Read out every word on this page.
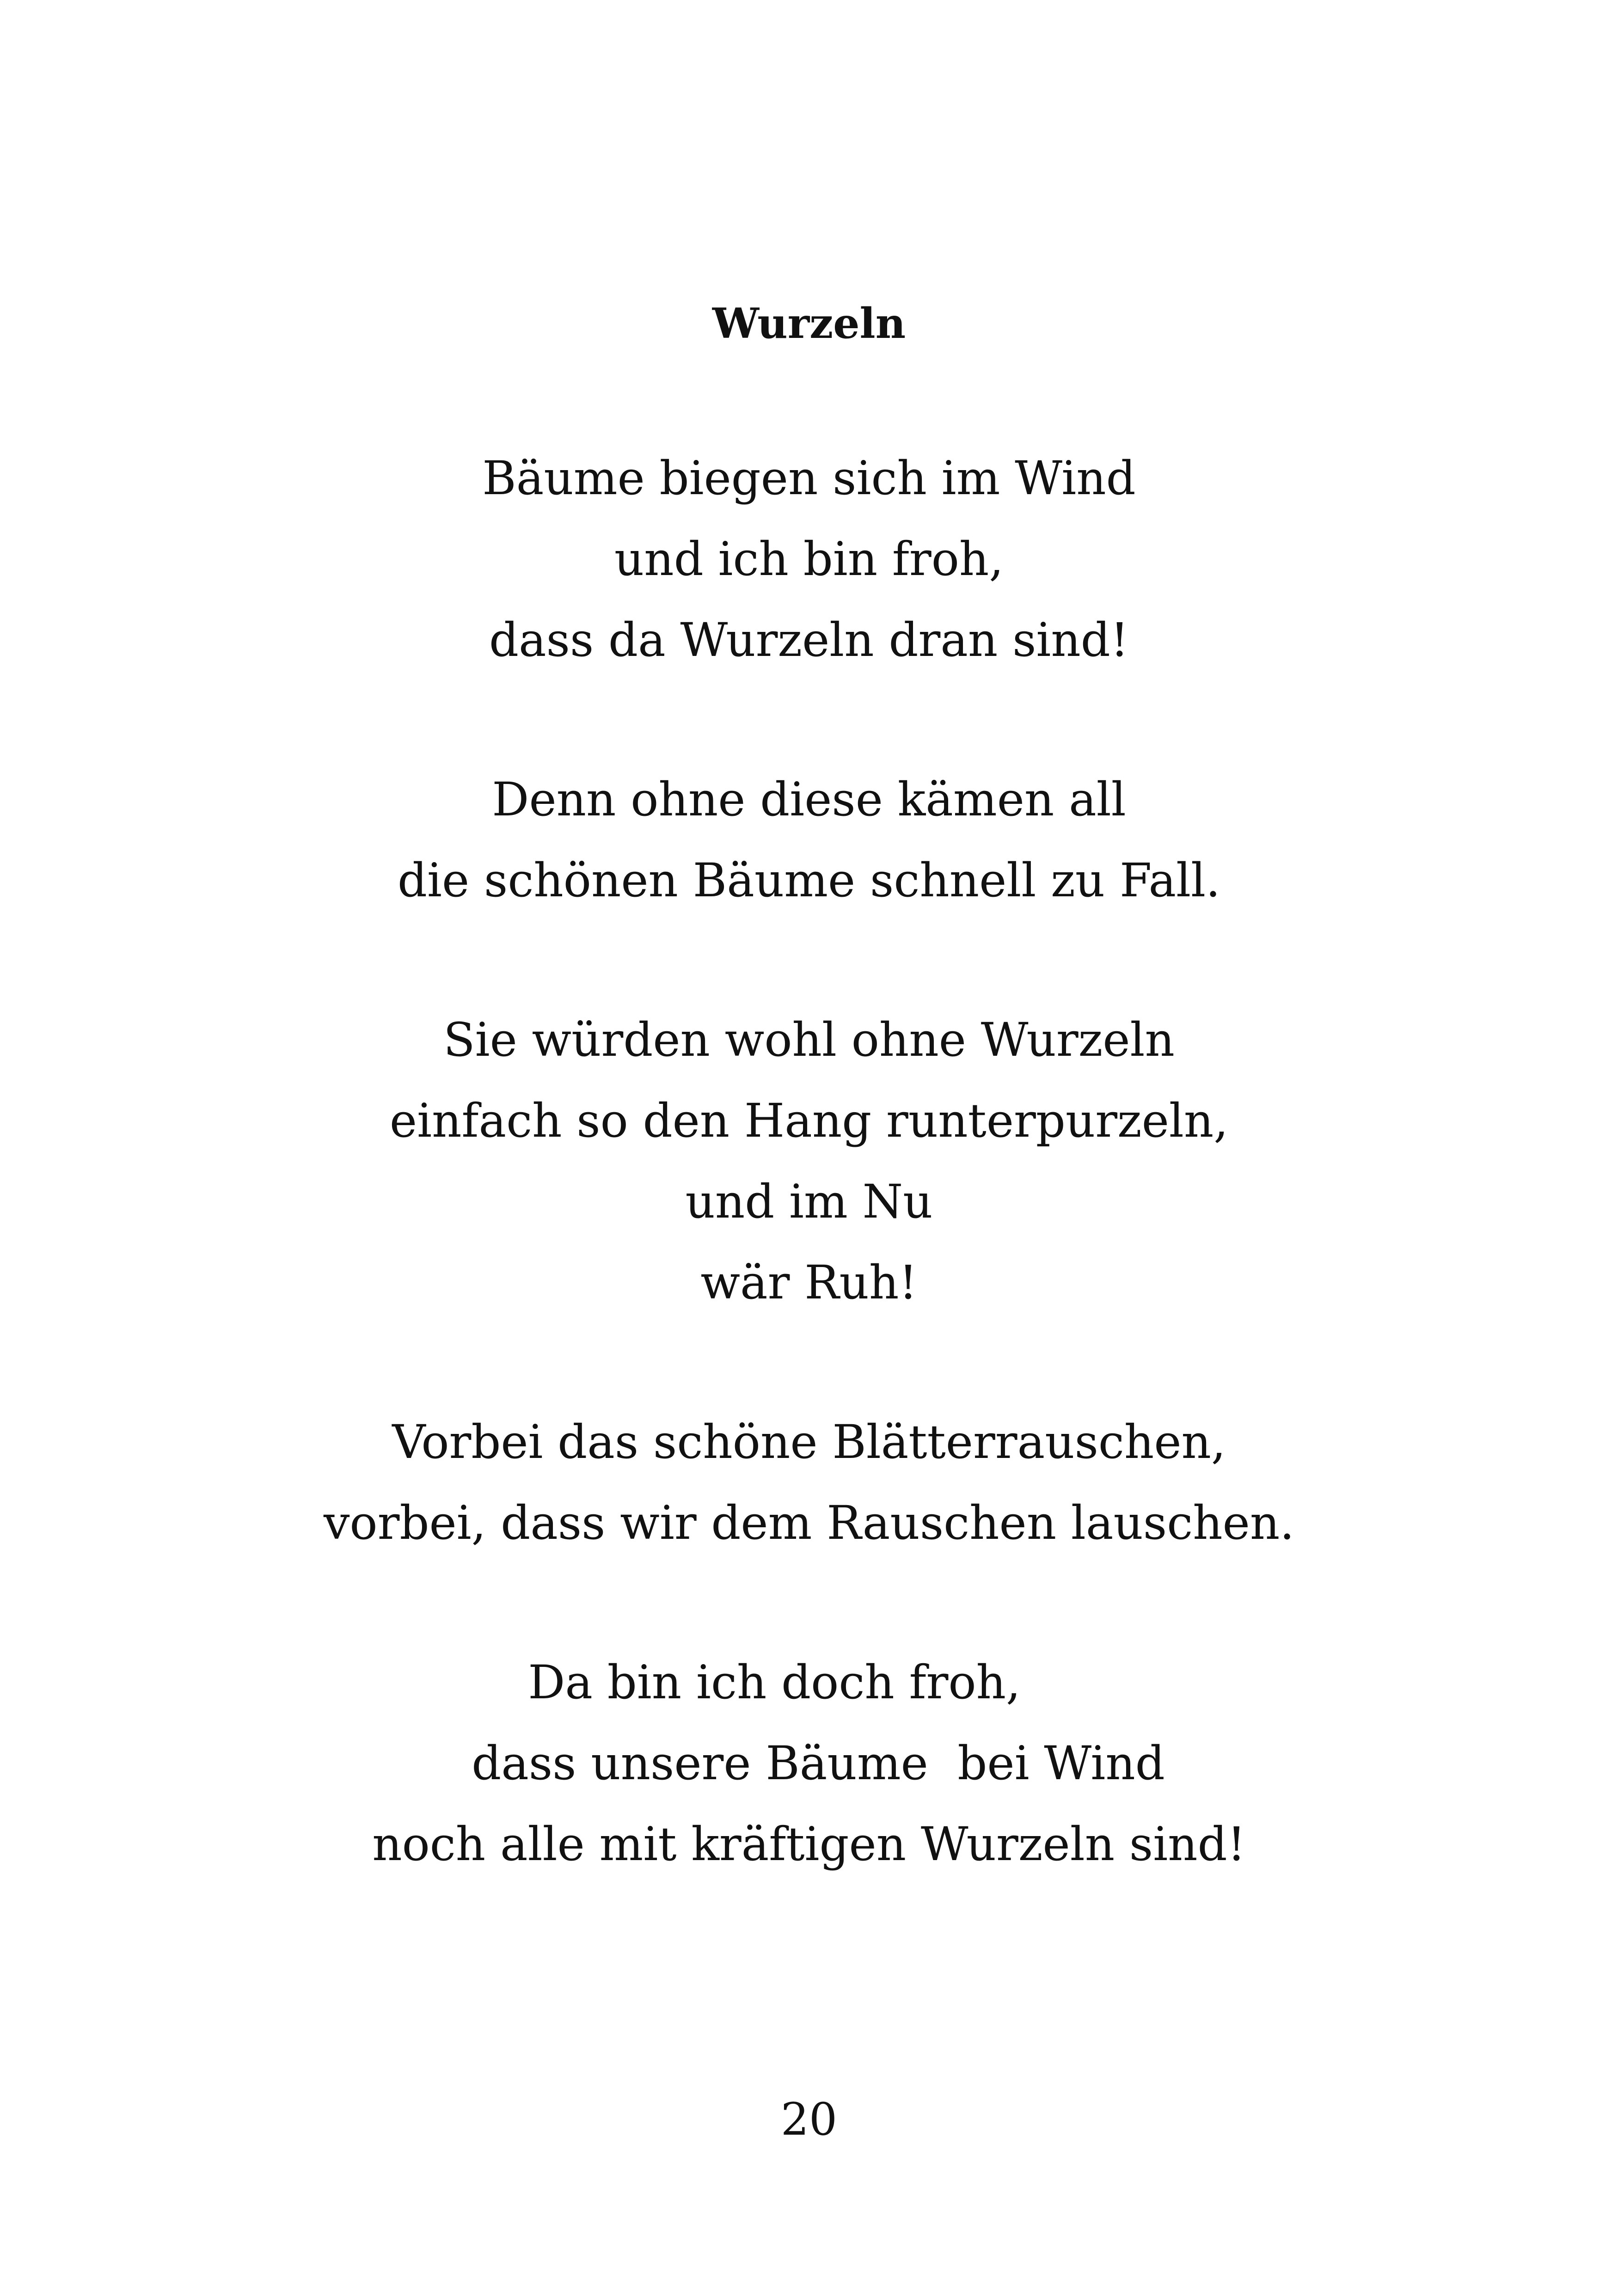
Wurzeln
Bäume biegen sich im Wind
und ich bin froh,
dass da Wurzeln dran sind!
Denn ohne diese kämen all
die schönen Bäume schnell zu Fall.
Sie würden wohl ohne Wurzeln
einfach so den Hang runterpurzeln,
und im Nu
wär Ruh!
Vorbei das schöne Blätterrauschen,
vorbei, dass wir dem Rauschen lauschen.
Da bin ich doch froh,
dass unsere Bäume  bei Wind
noch alle mit kräftigen Wurzeln sind!
20
